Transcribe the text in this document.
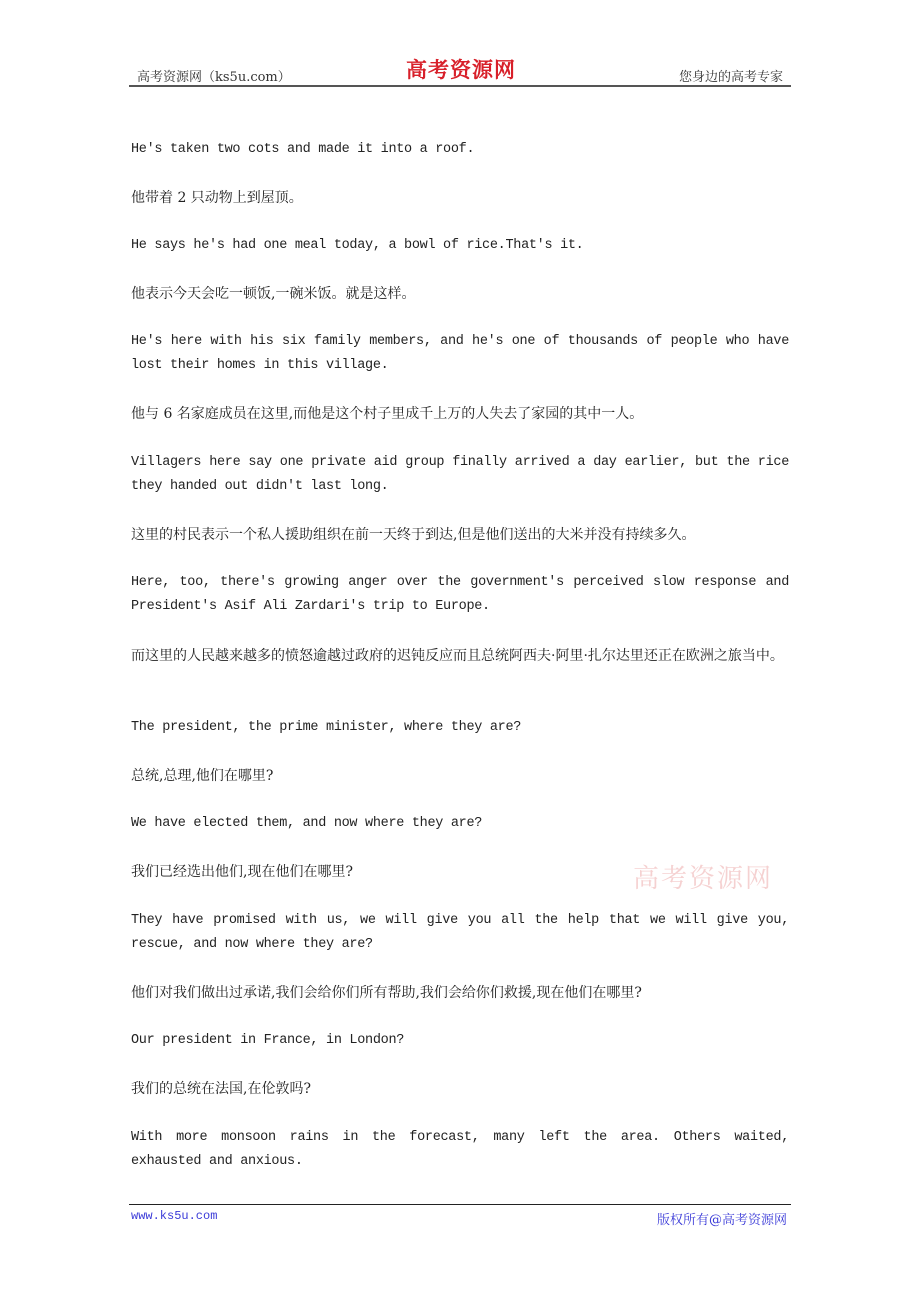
高考资源网（ks5u.com）	高考资源网	您身边的高考专家
He's taken two cots and made it into a roof.
他带着 2 只动物上到屋顶。
He says he's had one meal today, a bowl of rice.That's it.
他表示今天会吃一顿饭,一碗米饭。就是这样。
He's here with his six family members, and he's one of thousands of people who have lost their homes in this village.
他与 6 名家庭成员在这里,而他是这个村子里成千上万的人失去了家园的其中一人。
Villagers here say one private aid group finally arrived a day earlier, but the rice they handed out didn't last long.
这里的村民表示一个私人援助组织在前一天终于到达,但是他们送出的大米并没有持续多久。
Here, too, there's growing anger over the government's perceived slow response and President's Asif Ali Zardari's trip to Europe.
而这里的人民越来越多的愤怒逾越过政府的迟钝反应而且总统阿西夫·阿里·扎尔达里还正在欧洲之旅当中。
The president, the prime minister, where they are?
总统,总理,他们在哪里?
We have elected them, and now where they are?
我们已经选出他们,现在他们在哪里?
They have promised with us, we will give you all the help that we will give you, rescue, and now where they are?
他们对我们做出过承诺,我们会给你们所有帮助,我们会给你们救援,现在他们在哪里?
Our president in France, in London?
我们的总统在法国,在伦敦吗?
With more monsoon rains in the forecast, many left the area. Others waited, exhausted and anxious.
高考资源网
www.ks5u.com	版权所有@高考资源网
